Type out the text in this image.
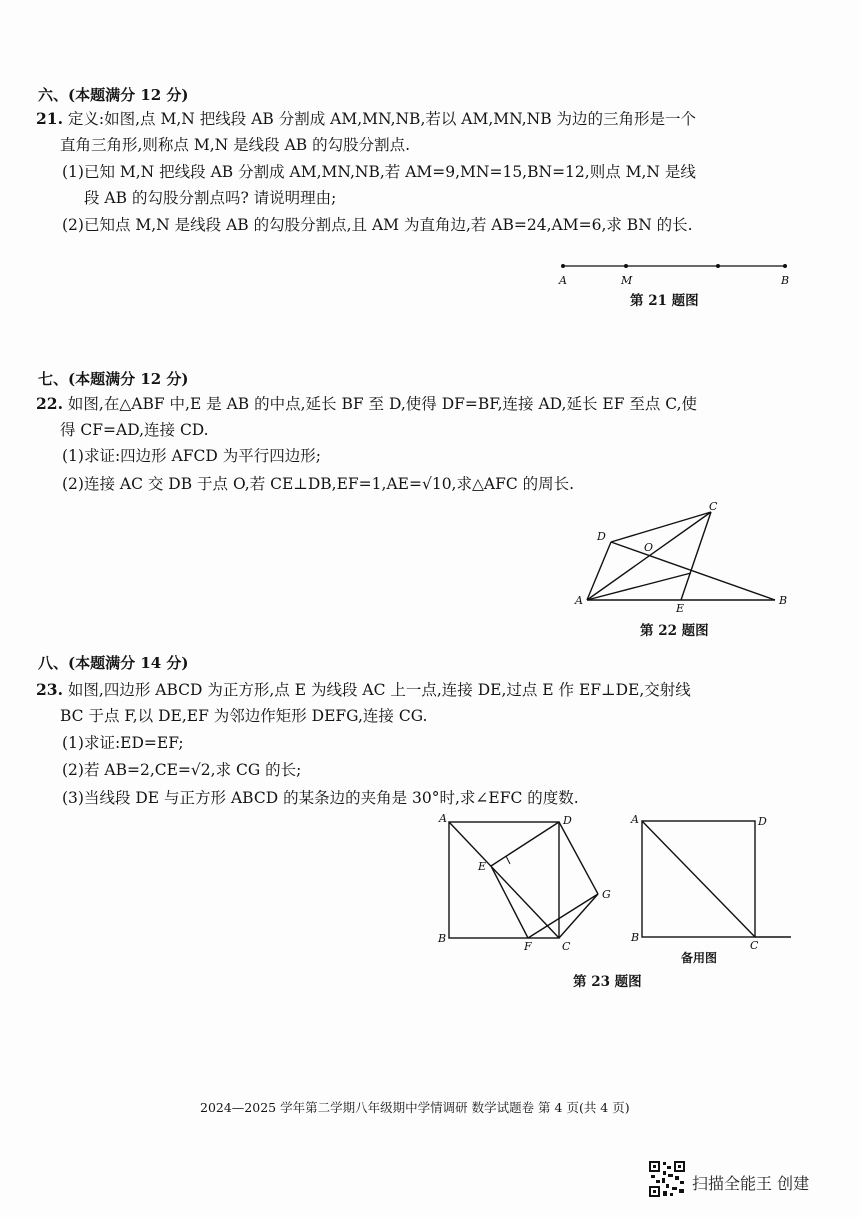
六、(本题满分 12 分)
21. 定义:如图,点 M,N 把线段 AB 分割成 AM,MN,NB,若以 AM,MN,NB 为边的三角形是一个
直角三角形,则称点 M,N 是线段 AB 的勾股分割点.
(1)已知 M,N 把线段 AB 分割成 AM,MN,NB,若 AM=9,MN=15,BN=12,则点 M,N 是线
段 AB 的勾股分割点吗? 请说明理由;
(2)已知点 M,N 是线段 AB 的勾股分割点,且 AM 为直角边,若 AB=24,AM=6,求 BN 的长.
A	M	B
第 21 题图
七、(本题满分 12 分)
22. 如图,在△ABF 中,E 是 AB 的中点,延长 BF 至 D,使得 DF=BF,连接 AD,延长 EF 至点 C,使
得 CF=AD,连接 CD.
(1)求证:四边形 AFCD 为平行四边形;
(2)连接 AC 交 DB 于点 O,若 CE⊥DB,EF=1,AE=√10,求△AFC 的周长.
C
D
O
A
E
B
第 22 题图
八、(本题满分 14 分)
23. 如图,四边形 ABCD 为正方形,点 E 为线段 AC 上一点,连接 DE,过点 E 作 EF⊥DE,交射线
BC 于点 F,以 DE,EF 为邻边作矩形 DEFG,连接 CG.
(1)求证:ED=EF;
(2)若 AB=2,CE=√2,求 CG 的长;
(3)当线段 DE 与正方形 ABCD 的某条边的夹角是 30°时,求∠EFC 的度数.
A	D
E
G
B
F	C
A	D
B
C
备用图
第 23 题图
2024—2025 学年第二学期八年级期中学情调研 数学试题卷 第 4 页(共 4 页)
扫描全能王 创建
